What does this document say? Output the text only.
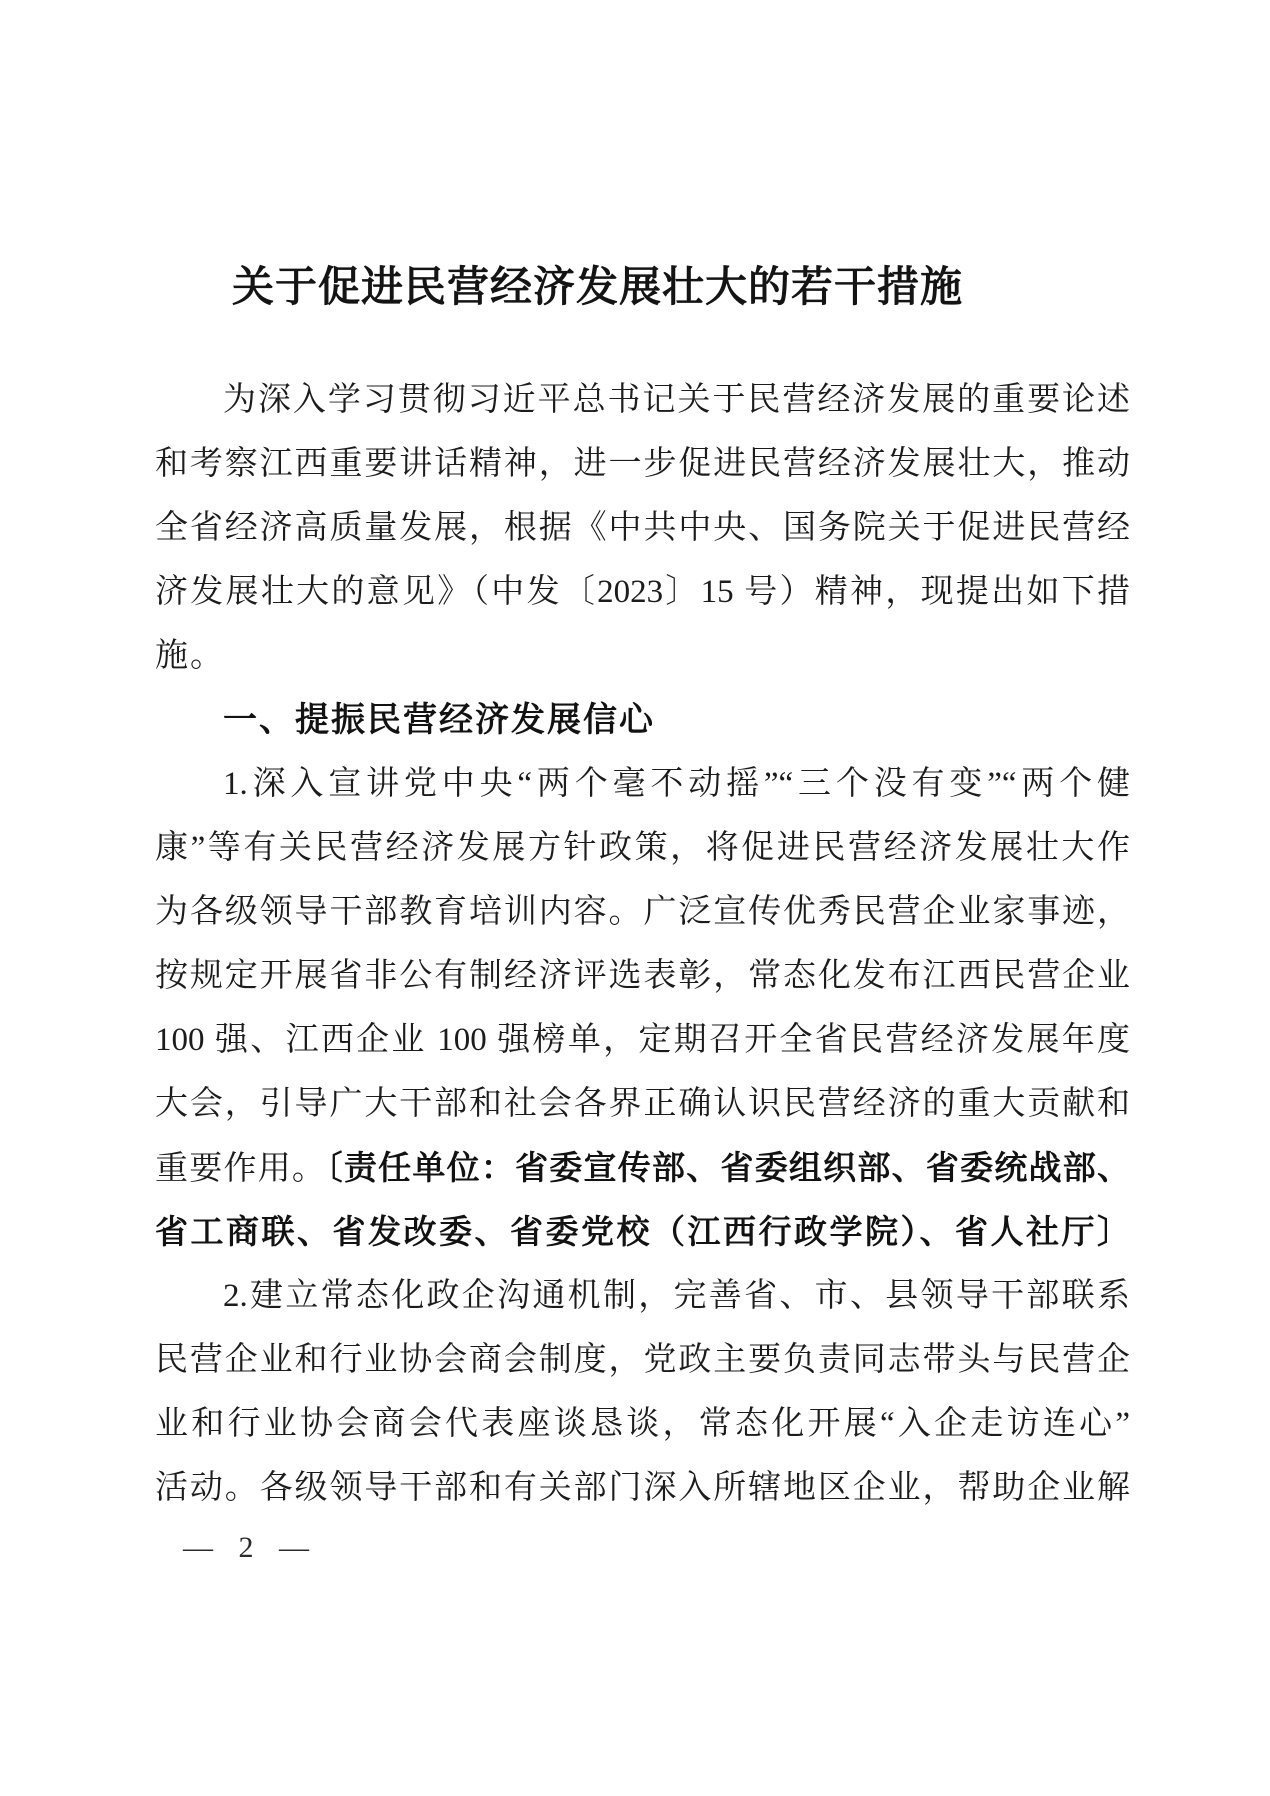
关于促进民营经济发展壮大的若干措施
为深入学习贯彻习近平总书记关于民营经济发展的重要论述
和考察江西重要讲话精神，进一步促进民营经济发展壮大，推动
全省经济高质量发展，根据《中共中央、国务院关于促进民营经
济发展壮大的意见》（中发〔2023〕15 号）精神，现提出如下措
施。
一、提振民营经济发展信心
1.深入宣讲党中央“两个毫不动摇”“三个没有变”“两个健
康”等有关民营经济发展方针政策，将促进民营经济发展壮大作
为各级领导干部教育培训内容。广泛宣传优秀民营企业家事迹，
按规定开展省非公有制经济评选表彰，常态化发布江西民营企业
100 强、江西企业 100 强榜单，定期召开全省民营经济发展年度
大会，引导广大干部和社会各界正确认识民营经济的重大贡献和
重要作用。〔责任单位：省委宣传部、省委组织部、省委统战部、
省工商联、省发改委、省委党校（江西行政学院）、省人社厅〕
2.建立常态化政企沟通机制，完善省、市、县领导干部联系
民营企业和行业协会商会制度，党政主要负责同志带头与民营企
业和行业协会商会代表座谈恳谈，常态化开展“入企走访连心”
活动。各级领导干部和有关部门深入所辖地区企业，帮助企业解
— 2 —
